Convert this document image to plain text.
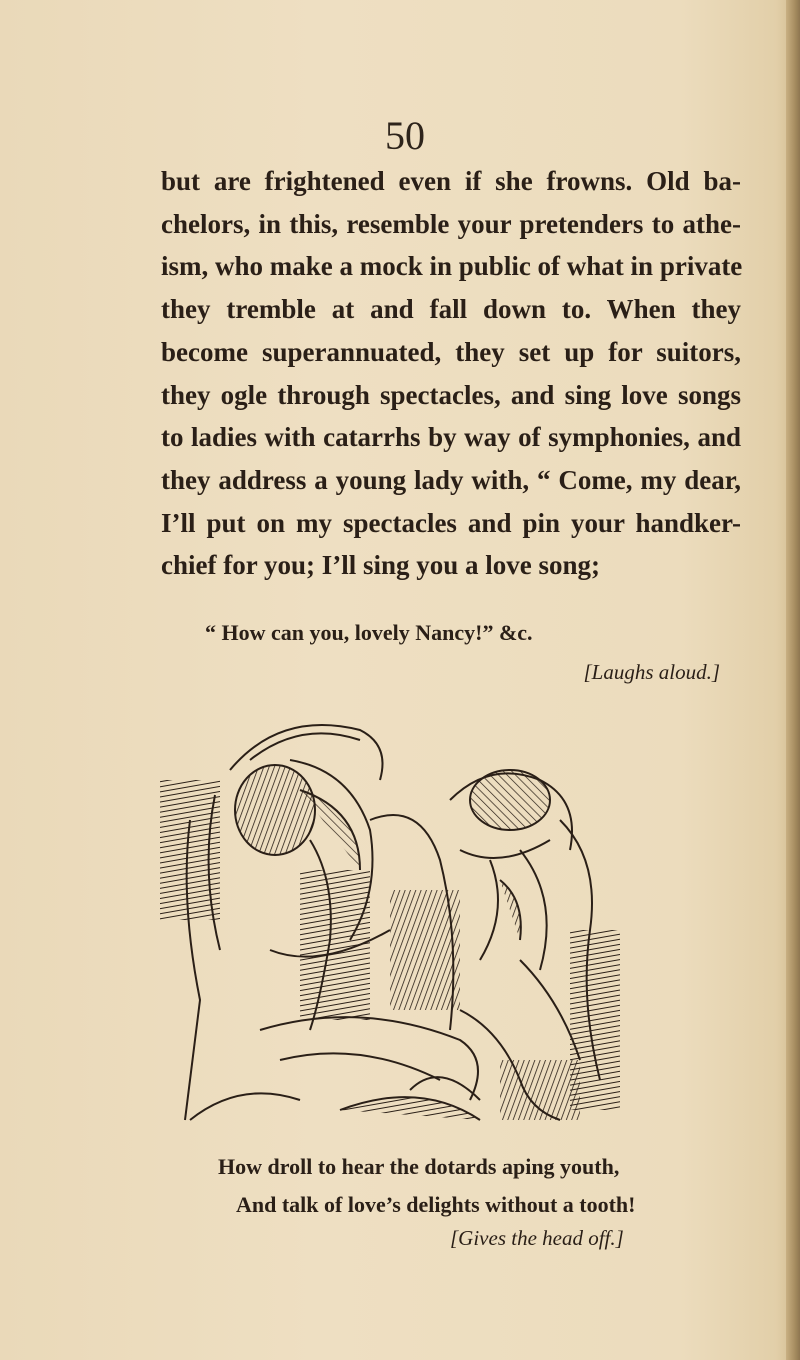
50
but are frightened even if she frowns. Old ba-
chelors, in this, resemble your pretenders to athe-
ism, who make a mock in public of what in private
they tremble at and fall down to. When they
become superannuated, they set up for suitors,
they ogle through spectacles, and sing love songs
to ladies with catarrhs by way of symphonies, and
they address a young lady with, “ Come, my dear,
I’ll put on my spectacles and pin your handker-
chief for you; I’ll sing you a love song;
“ How can you, lovely Nancy!” &c.
[Laughs aloud.]
How droll to hear the dotards aping youth,
And talk of love’s delights without a tooth!
[Gives the head off.]
